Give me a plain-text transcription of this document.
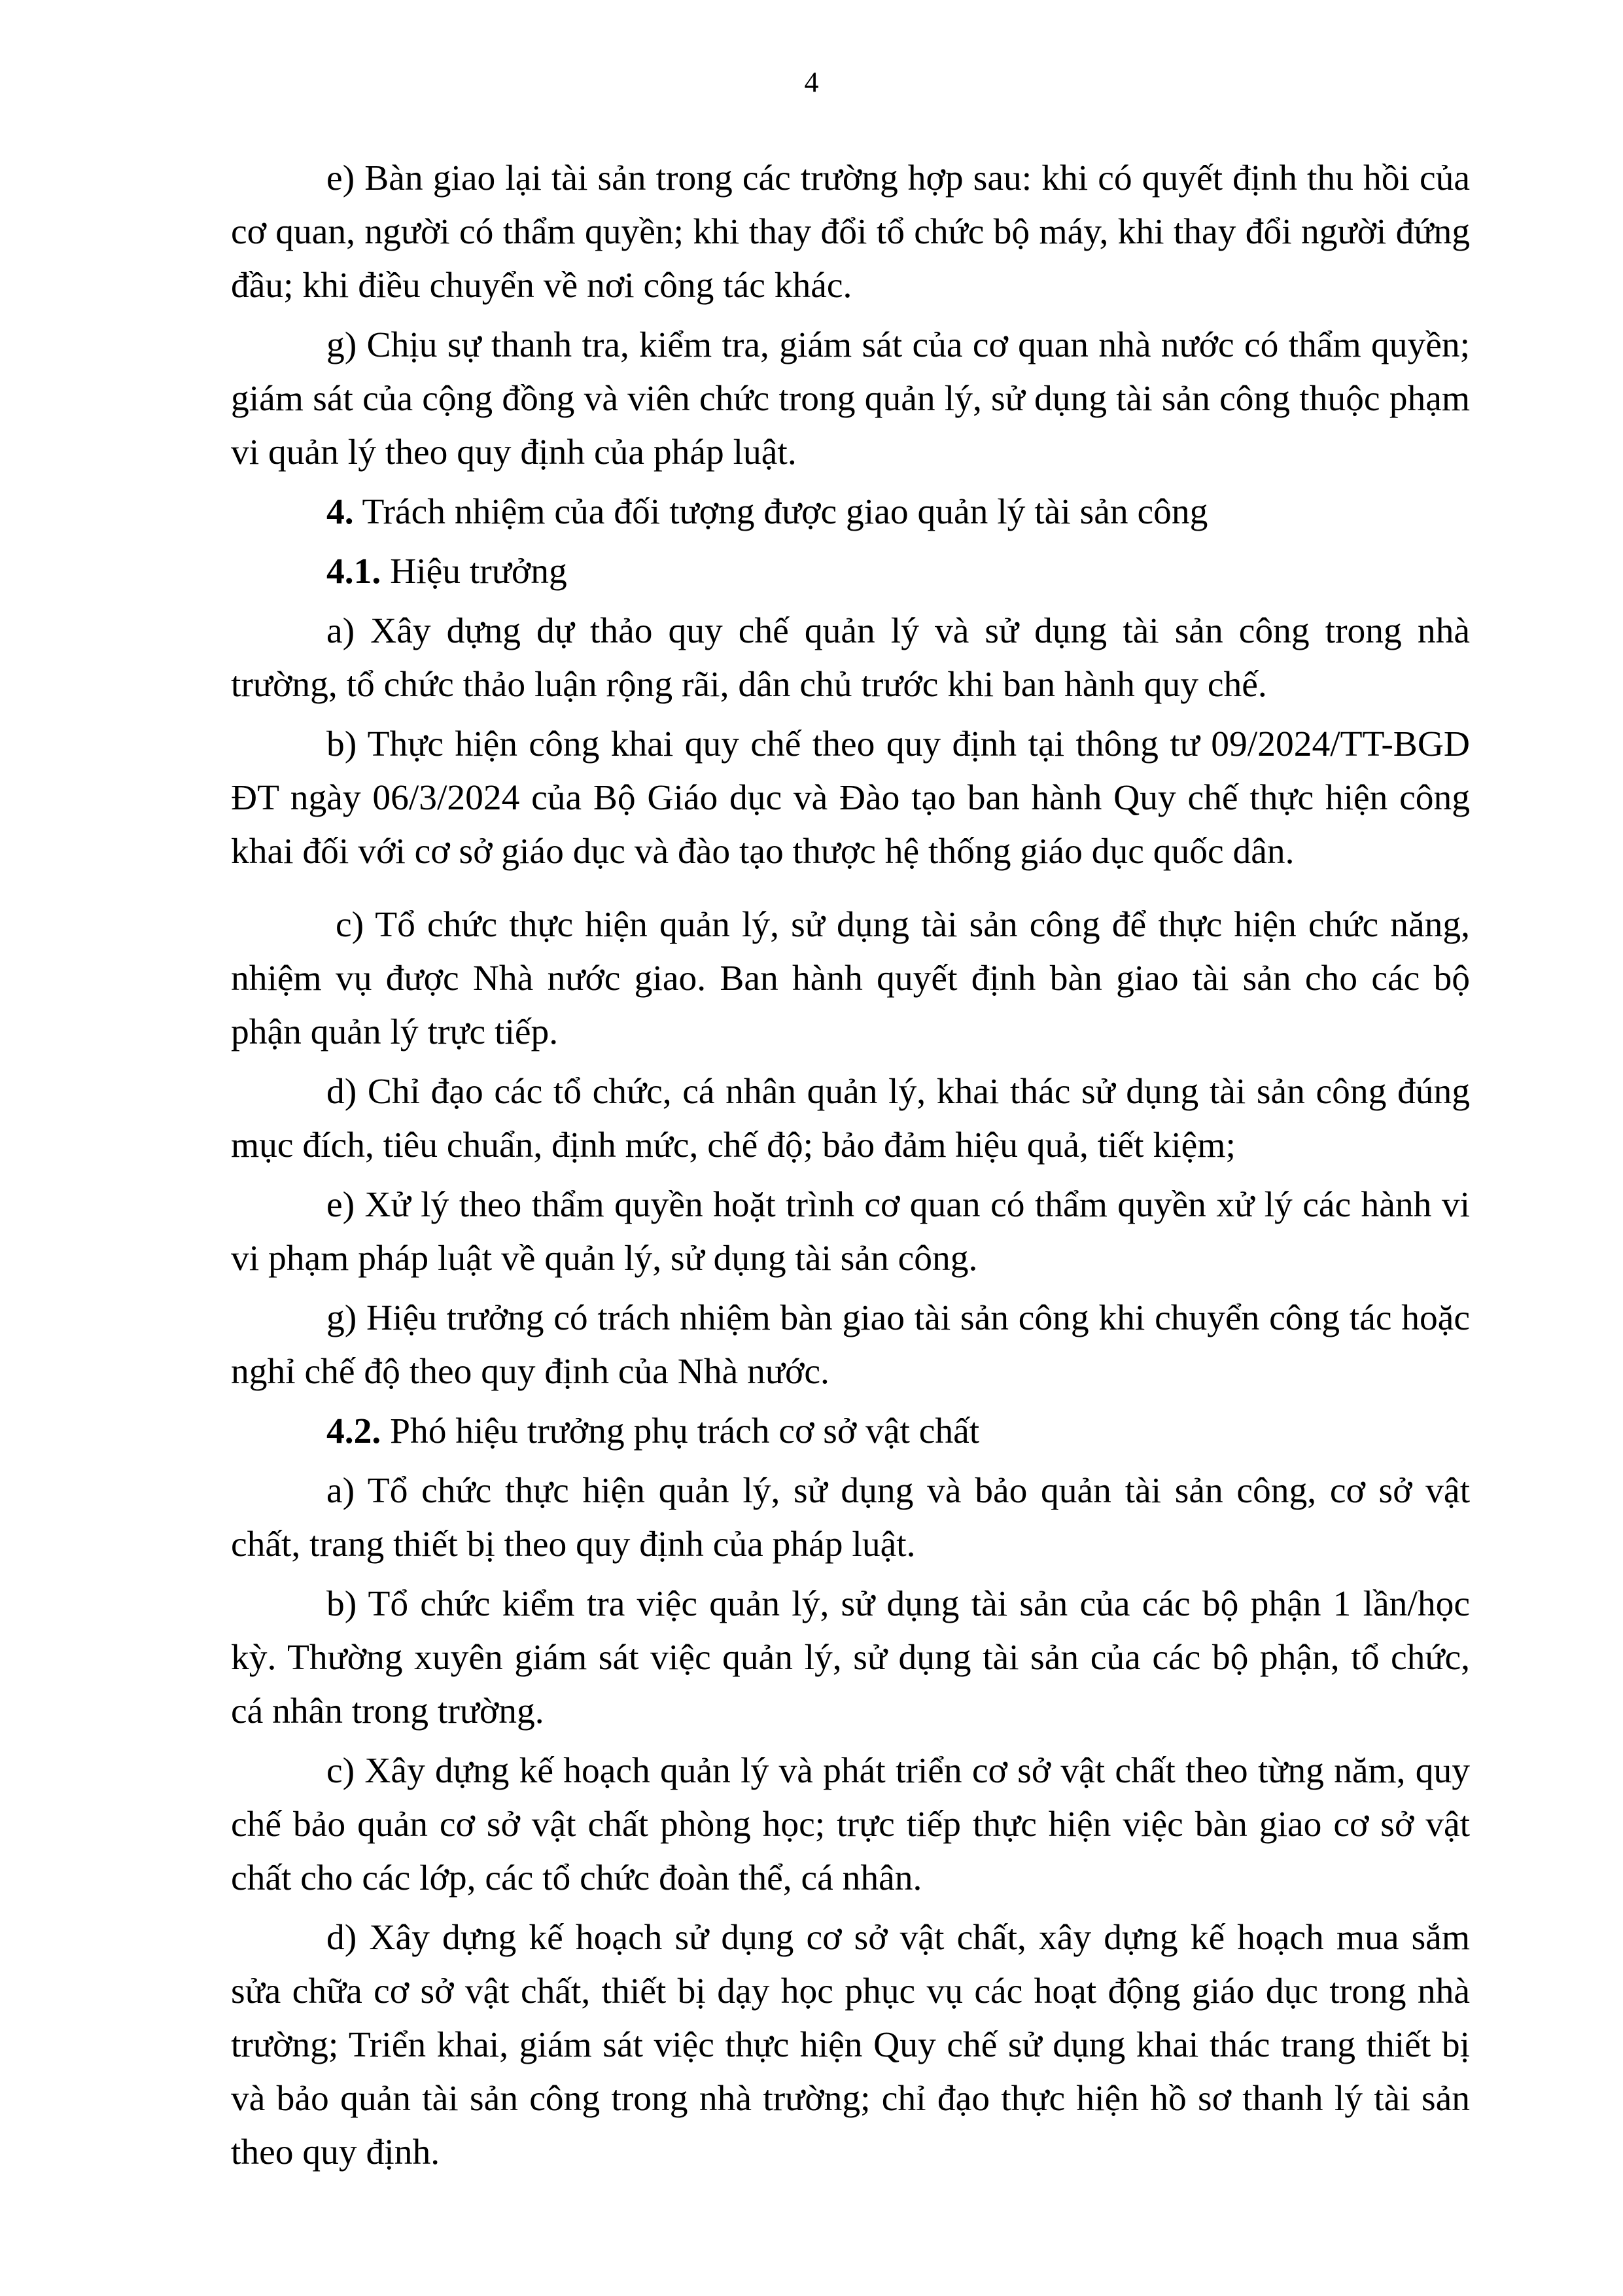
4

e) Bàn giao lại tài sản trong các trường hợp sau: khi có quyết định thu hồi của cơ quan, người có thẩm quyền; khi thay đổi tổ chức bộ máy, khi thay đổi người đứng đầu; khi điều chuyển về nơi công tác khác.

g) Chịu sự thanh tra, kiểm tra, giám sát của cơ quan nhà nước có thẩm quyền; giám sát của cộng đồng và viên chức trong quản lý, sử dụng tài sản công thuộc phạm vi quản lý theo quy định của pháp luật.

4. Trách nhiệm của đối tượng được giao quản lý tài sản công

4.1. Hiệu trưởng

a) Xây dựng dự thảo quy chế quản lý và sử dụng tài sản công trong nhà trường, tổ chức thảo luận rộng rãi, dân chủ trước khi ban hành quy chế.

b) Thực hiện công khai quy chế theo quy định tại thông tư 09/2024/TT-BGD ĐT ngày 06/3/2024 của Bộ Giáo dục và Đào tạo ban hành Quy chế thực hiện công khai đối với cơ sở giáo dục và đào tạo thược hệ thống giáo dục quốc dân.

c) Tổ chức thực hiện quản lý, sử dụng tài sản công để thực hiện chức năng, nhiệm vụ được Nhà nước giao. Ban hành quyết định bàn giao tài sản cho các bộ phận quản lý trực tiếp.

d) Chỉ đạo các tổ chức, cá nhân quản lý, khai thác sử dụng tài sản công đúng mục đích, tiêu chuẩn, định mức, chế độ; bảo đảm hiệu quả, tiết kiệm;

e) Xử lý theo thẩm quyền hoặt trình cơ quan có thẩm quyền xử lý các hành vi vi phạm pháp luật về quản lý, sử dụng tài sản công.

g) Hiệu trưởng có trách nhiệm bàn giao tài sản công khi chuyển công tác hoặc nghỉ chế độ theo quy định của Nhà nước.

4.2. Phó hiệu trưởng phụ trách cơ sở vật chất

a) Tổ chức thực hiện quản lý, sử dụng và bảo quản tài sản công, cơ sở vật chất, trang thiết bị theo quy định của pháp luật.

b) Tổ chức kiểm tra việc quản lý, sử dụng tài sản của các bộ phận 1 lần/học kỳ. Thường xuyên giám sát việc quản lý, sử dụng tài sản của các bộ phận, tổ chức, cá nhân trong trường.

c) Xây dựng kế hoạch quản lý và phát triển cơ sở vật chất theo từng năm, quy chế bảo quản cơ sở vật chất phòng học; trực tiếp thực hiện việc bàn giao cơ sở vật chất cho các lớp, các tổ chức đoàn thể, cá nhân.

d) Xây dựng kế hoạch sử dụng cơ sở vật chất, xây dựng kế hoạch mua sắm sửa chữa cơ sở vật chất, thiết bị dạy học phục vụ các hoạt động giáo dục trong nhà trường; Triển khai, giám sát việc thực hiện Quy chế sử dụng khai thác trang thiết bị và bảo quản tài sản công trong nhà trường; chỉ đạo thực hiện hồ sơ thanh lý tài sản theo quy định.
